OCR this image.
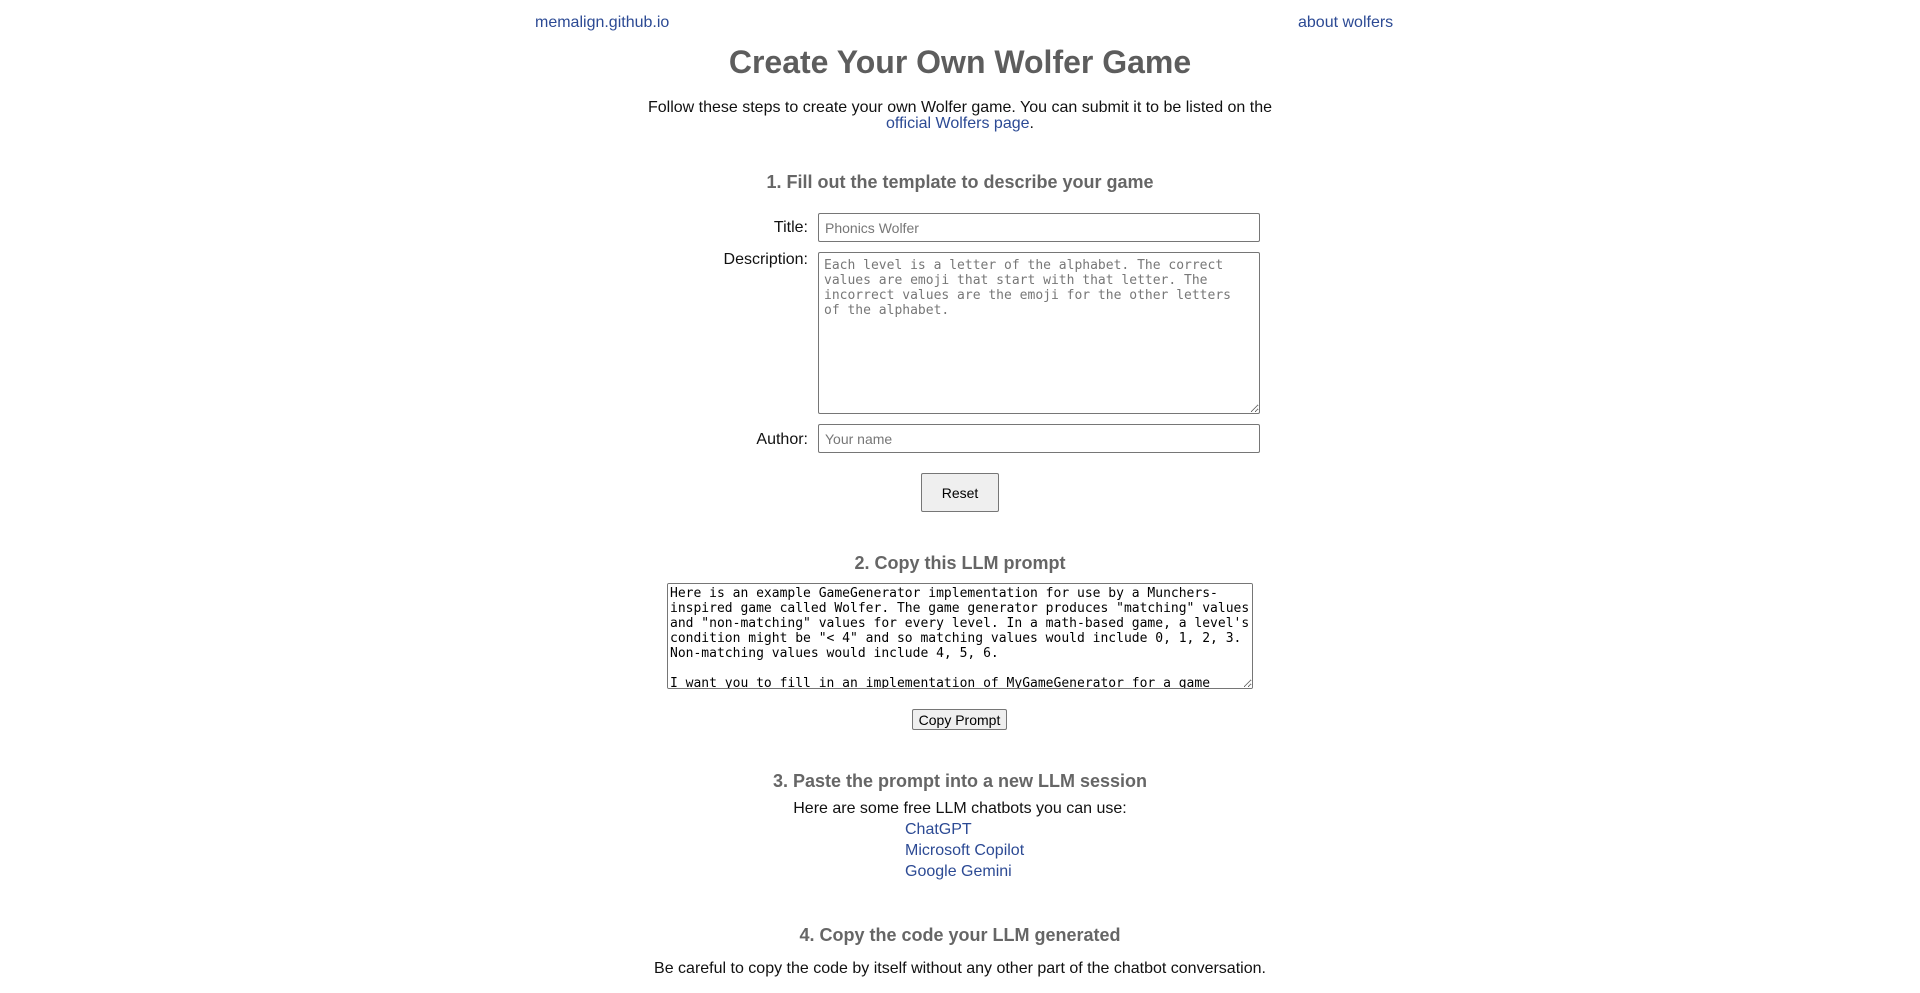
memalign.github.io	about wolfers
Create Your Own Wolfer Game
Follow these steps to create your own Wolfer game. You can submit it to be listed on the
official Wolfers page.

1. Fill out the template to describe your game

Title:
Phonics Wolfer
Description:
Each level is a letter of the alphabet. The correct values are emoji that start with that letter. The incorrect values are the emoji for the other letters of the alphabet.
Author:
Your name
Reset

2. Copy this LLM prompt

Here is an example GameGenerator implementation for use by a Munchers-inspired game called Wolfer. The game generator produces "matching" values and "non-matching" values for every level. In a math-based game, a level's condition might be "< 4" and so matching values would include 0, 1, 2, 3. Non-matching values would include 4, 5, 6. I want you to fill in an implementation of MyGameGenerator for a game
Copy Prompt

3. Paste the prompt into a new LLM session

Here are some free LLM chatbots you can use:
ChatGPT
Microsoft Copilot
Google Gemini

4. Copy the code your LLM generated

Be careful to copy the code by itself without any other part of the chatbot conversation.
